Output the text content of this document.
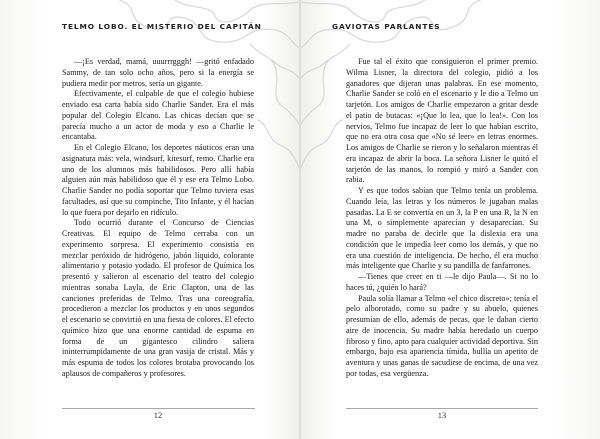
TELMO LOBO. EL MISTERIO DEL CAPITÁN

—¡Es verdad, mamá, uuurrrgggh! —gritó enfadado Sammy, de tan solo ocho años, pero si la energía se pudiera medir por metros, sería un gigante.

Efectivamente, el culpable de que el colegio hubiese enviado esa carta había sido Charlie Sander. Era el más popular del Colegio Elcano. Las chicas decían que se parecía mucho a un actor de moda y eso a Charlie le encantaba.

En el Colegio Elcano, los deportes náuticos eran una asignatura más: vela, windsurf, kitesurf, remo. Charlie era uno de los alumnos más habilidosos. Pero allí había alguien aún más habilidoso que él y ese era Telmo Lobo. Charlie Sander no podía soportar que Telmo tuviera esas facultades, así que su compinche, Tito Infante, y él hacían lo que fuera por dejarlo en ridículo.

Todo ocurrió durante el Concurso de Ciencias Creativas. El equipo de Telmo cerraba con un experimento sorpresa. El experimento consistía en mezclar peróxido de hidrógeno, jabón líquido, colorante alimentario y potasio yodado. El profesor de Química los presentó y salieron al escenario del teatro del colegio mientras sonaba Layla, de Eric Clapton, una de las canciones preferidas de Telmo. Tras una coreografía, procedieron a mezclar los productos y en unos segundos el escenario se convirtió en una fiesta de colores. El efecto químico hizo que una enorme cantidad de espuma en forma de un gigantesco cilindro saliera ininterrumpidamente de una gran vasija de cristal. Más y más espuma de todos los colores brotaba provocando los aplausos de compañeros y profesores.

12
GAVIOTAS PARLANTES

Fue tal el éxito que consiguieron el primer premio. Wilma Lisner, la directora del colegio, pidió a los ganadores que dijeran unas palabras. En ese momento, Charlie Sander se coló en el escenario y le dio a Telmo un tarjetón. Los amigos de Charlie empezaron a gritar desde el patio de butacas: «¡Que lo lea, que lo lea!». Con los nervios, Telmo fue incapaz de leer lo que habían escrito, que no era otra cosa que «No sé leer» en letras enormes. Los amigos de Charlie se rieron y lo señalaron mientras él era incapaz de abrir la boca. La señora Lisner le quitó el tarjetón de las manos, lo rompió y miró a Sander con rabia.

Y es que todos sabían que Telmo tenía un problema. Cuando leía, las letras y los números le jugaban malas pasadas. La E se convertía en un 3, la P en una R, la N en una M, o simplemente aparecían y desaparecían. Su madre no paraba de decirle que la dislexia era una condición que le impedía leer como los demás, y que no era una cuestión de inteligencia. De hecho, él era mucho más inteligente que Charlie y su pandilla de fanfarrones.

—Tienes que creer en ti —le dijo Paula—. Si no lo haces tú, ¿quién lo hará?

Paula solía llamar a Telmo «el chico discreto»; tenía el pelo alborotado, como su padre y su abuelo, quienes presumían de ello, además de pecas, que le daban cierto aire de inocencia. Su madre había heredado un cuerpo fibroso y fino, apto para cualquier actividad deportiva. Sin embargo, bajo esa apariencia tímida, bullía un apetito de aventura y unas ganas de sacudirse de encima, de una vez por todas, esa vergüenza.

13
